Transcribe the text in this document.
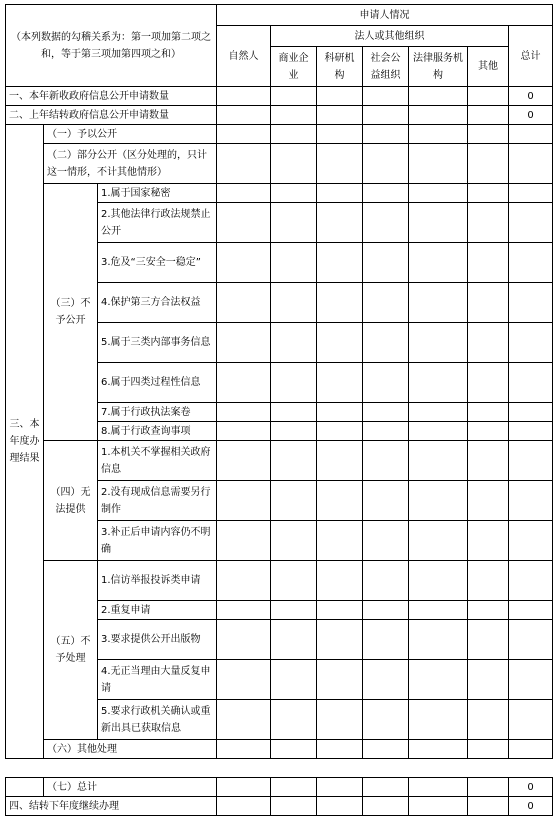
（本列数据的勾稽关系为：第一项加第二项之和，等于第三项加第四项之和）			申请人情况						
			自然人	法人或其他组织					总计
				商业企业	科研机构	社会公益组织	法律服务机构	其他	
一、本年新收政府信息公开申请数量									0
二、上年结转政府信息公开申请数量									0
三、本年度办理结果	（一）予以公开								
	（二）部分公开（区分处理的，只计这一情形，不计其他情形）								
	（三）不予公开	1.属于国家秘密							
		2.其他法律行政法规禁止公开							
		3.危及“三安全一稳定”							
		4.保护第三方合法权益							
		5.属于三类内部事务信息							
		6.属于四类过程性信息							
		7.属于行政执法案卷							
		8.属于行政查询事项							
	（四）无法提供	1.本机关不掌握相关政府信息							
		2.没有现成信息需要另行制作							
		3.补正后申请内容仍不明确							
	（五）不予处理	1.信访举报投诉类申请							
		2.重复申请							
		3.要求提供公开出版物							
		4.无正当理由大量反复申请							
		5.要求行政机关确认或重新出具已获取信息							
	（六）其他处理								
	（七）总计							0
四、结转下年度继续办理								0
